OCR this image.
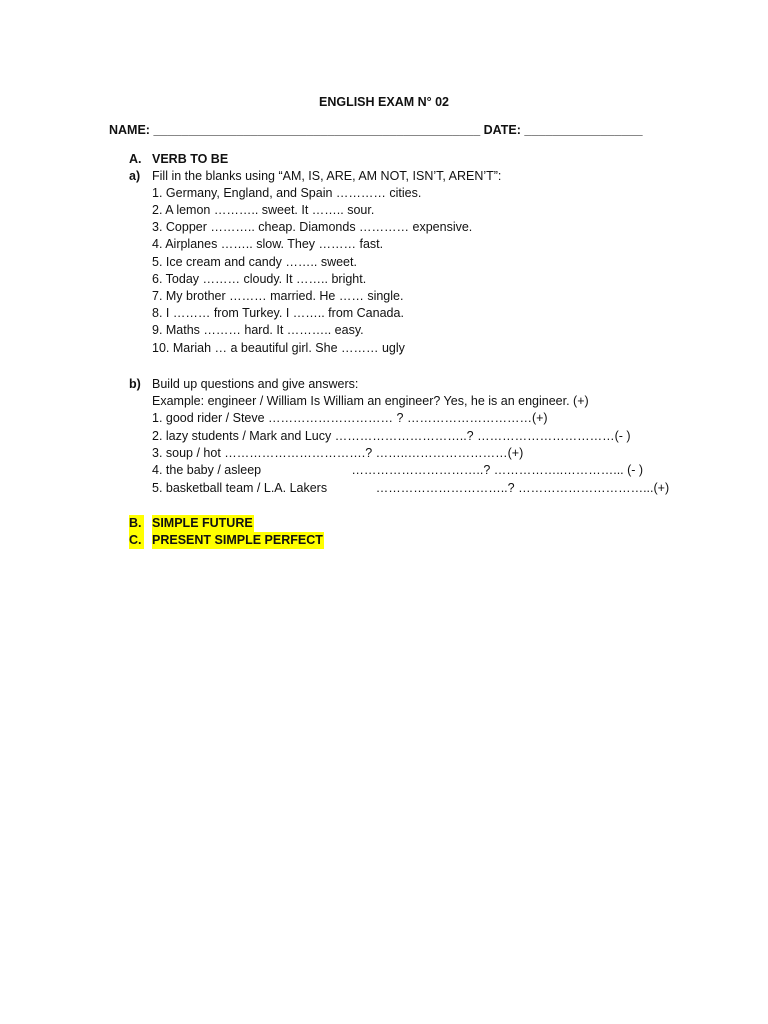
ENGLISH EXAM N° 02
NAME: _______________________________________________ DATE: _________________
A. VERB TO BE
a) Fill in the blanks using “AM, IS, ARE, AM NOT, ISN’T, AREN’T”:
1. Germany, England, and Spain ………… cities.
2. A lemon ……….. sweet. It …….. sour.
3. Copper ……….. cheap. Diamonds ………… expensive.
4. Airplanes …….. slow. They ……… fast.
5. Ice cream and candy …….. sweet.
6. Today ……… cloudy. It …….. bright.
7. My brother ……… married. He …… single.
8. I ……… from Turkey. I …….. from Canada.
9. Maths ……… hard. It ……….. easy.
10. Mariah … a beautiful girl. She ……… ugly
b) Build up questions and give answers:
Example: engineer / William Is William an engineer? Yes, he is an engineer. (+)
1. good rider / Steve ………………………… ? …………………………(+)
2. lazy students / Mark and Lucy …………………………..? ……………………………(- )
3. soup / hot …………………………….? ……..……………………(+)
4. the baby / asleep                          …………………………..? ……………..…………... (- )
5. basketball team / L.A. Lakers              …………………………..? …………………………...(+)
B. SIMPLE FUTURE
C. PRESENT SIMPLE PERFECT
